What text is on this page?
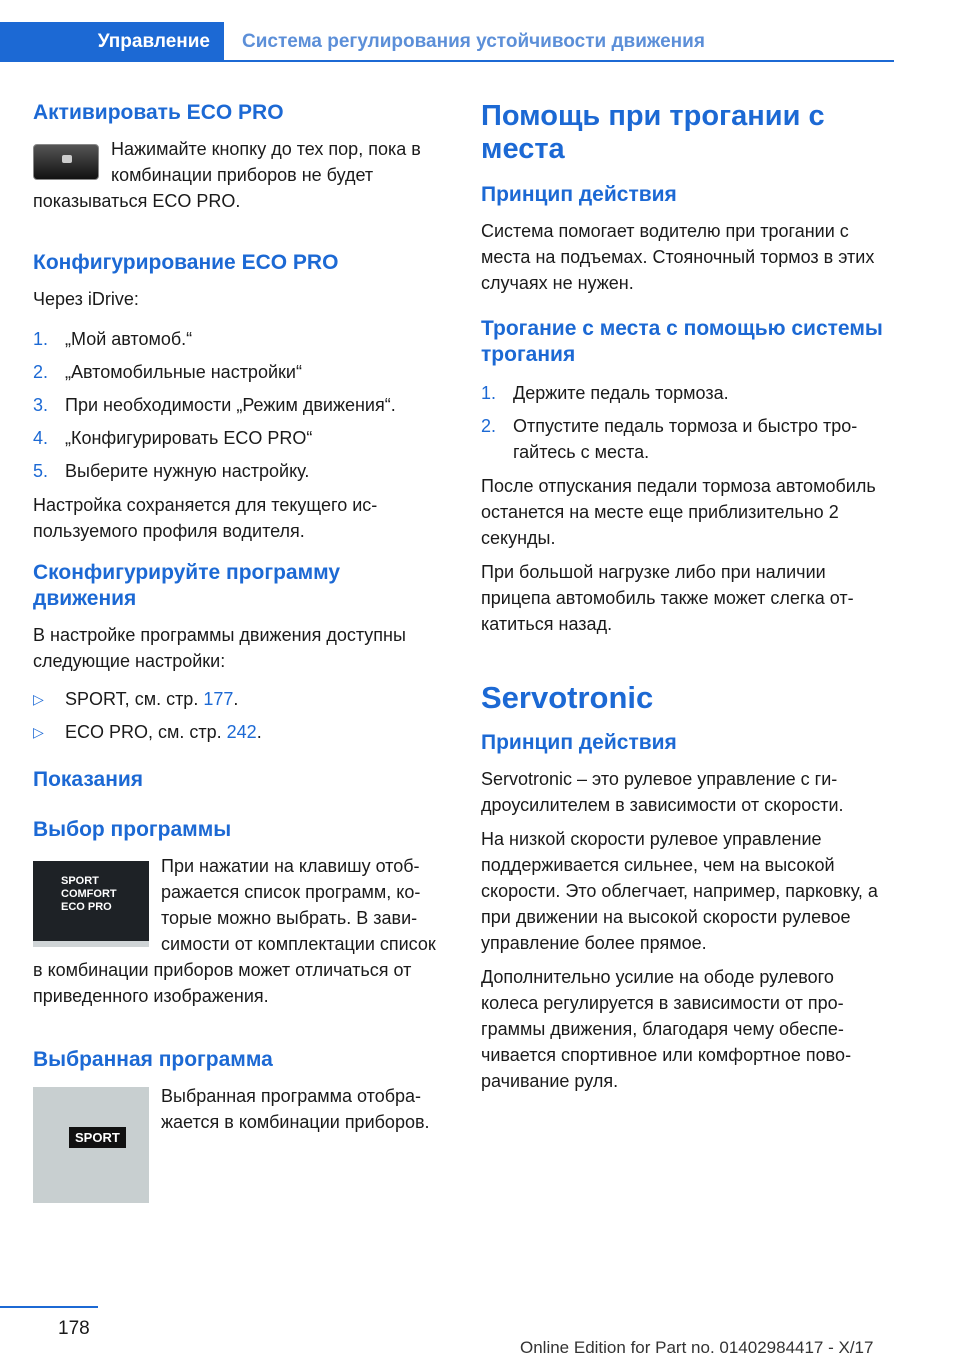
Управление	Система регулирования устойчивости движения
Активировать ECO PRO

Нажимайте кнопку до тех пор, пока в комбинации приборов не будет показываться ECO PRO.

Конфигурирование ECO PRO

Через iDrive:

1. „Мой автомоб.“
2. „Автомобильные настройки“
3. При необходимости „Режим движения“.
4. „Конфигурировать ECO PRO“
5. Выберите нужную настройку.

Настройка сохраняется для текущего используемого профиля водителя.

Сконфигурируйте программу движения

В настройке программы движения доступны следующие настройки:

▷ SPORT, см. стр. 177.
▷ ECO PRO, см. стр. 242.
Показания
Выбор программы
SPORT
COMFORT
ECO PRO

При нажатии на клавишу отображается список программ, которые можно выбрать. В зависимости от комплектации список в комбинации приборов может отличаться от приведенного изображения.

Выбранная программа
SPORT

Выбранная программа отображается в комбинации приборов.

Помощь при трогании с места
Принцип действия

Система помогает водителю при трогании с места на подъемах. Стояночный тормоз в этих случаях не нужен.

Трогание с места с помощью системы трогания
1. Держите педаль тормоза.
2. Отпустите педаль тормоза и быстро трогайтесь с места.

После отпускания педали тормоза автомобиль останется на месте еще приблизительно 2 секунды.

При большой нагрузке либо при наличии прицепа автомобиль также может слегка откатиться назад.

Servotronic
Принцип действия

Servotronic – это рулевое управление с гидроусилителем в зависимости от скорости.

На низкой скорости рулевое управление поддерживается сильнее, чем на высокой скорости. Это облегчает, например, парковку, а при движении на высокой скорости рулевое управление более прямое.

Дополнительно усилие на ободе рулевого колеса регулируется в зависимости от программы движения, благодаря чему обеспечивается спортивное или комфортное поворачивание руля.

178
Online Edition for Part no. 01402984417 - X/17
